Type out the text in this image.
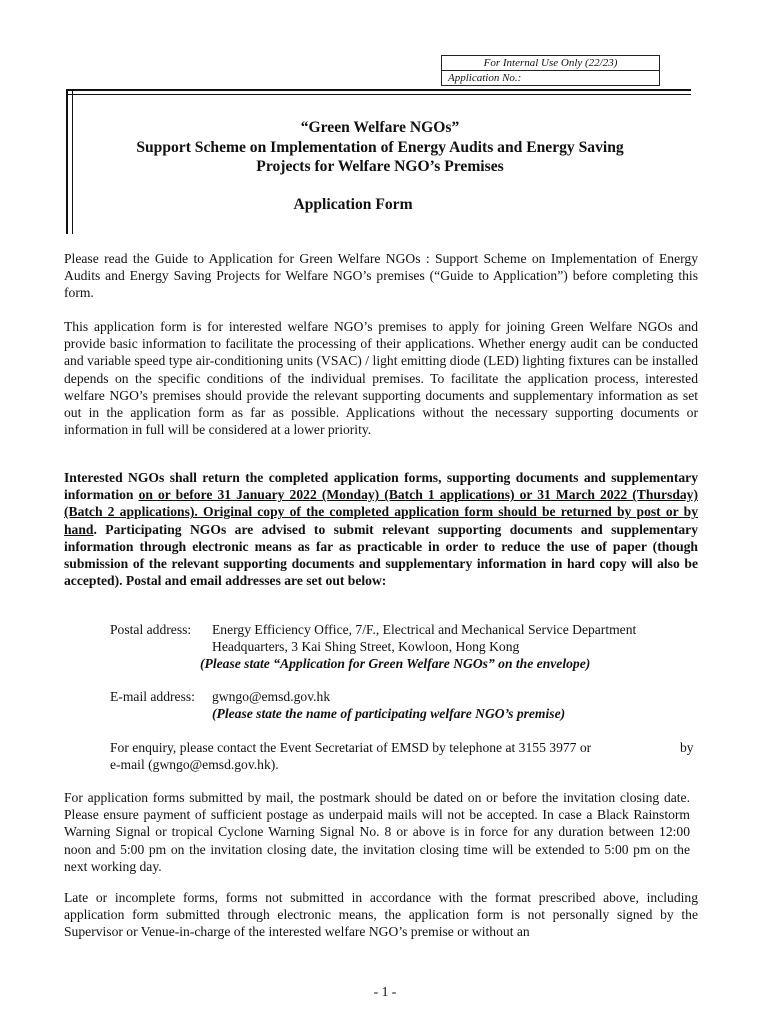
For Internal Use Only (22/23)
Application No.:
“Green Welfare NGOs”
Support Scheme on Implementation of Energy Audits and Energy Saving
Projects for Welfare NGO’s Premises
Application Form

Please read the Guide to Application for Green Welfare NGOs : Support Scheme on Implementation of Energy Audits and Energy Saving Projects for Welfare NGO’s premises (“Guide to Application”) before completing this form.

This application form is for interested welfare NGO’s premises to apply for joining Green Welfare NGOs and provide basic information to facilitate the processing of their applications. Whether energy audit can be conducted and variable speed type air-conditioning units (VSAC) / light emitting diode (LED) lighting fixtures can be installed depends on the specific conditions of the individual premises. To facilitate the application process, interested welfare NGO’s premises should provide the relevant supporting documents and supplementary information as set out in the application form as far as possible. Applications without the necessary supporting documents or information in full will be considered at a lower priority.

Interested NGOs shall return the completed application forms, supporting documents and supplementary information on or before 31 January 2022 (Monday) (Batch 1 applications) or 31 March 2022 (Thursday) (Batch 2 applications). Original copy of the completed application form should be returned by post or by hand. Participating NGOs are advised to submit relevant supporting documents and supplementary information through electronic means as far as practicable in order to reduce the use of paper (though submission of the relevant supporting documents and supplementary information in hard copy will also be accepted). Postal and email addresses are set out below:

Postal address: Energy Efficiency Office, 7/F., Electrical and Mechanical Service Department
Headquarters, 3 Kai Shing Street, Kowloon, Hong Kong
(Please state “Application for Green Welfare NGOs” on the envelope)
E-mail address: gwngo@emsd.gov.hk
(Please state the name of participating welfare NGO’s premise)
For enquiry, please contact the Event Secretariat of EMSD by telephone at 3155 3977 or	by
e-mail (gwngo@emsd.gov.hk).

For application forms submitted by mail, the postmark should be dated on or before the invitation closing date. Please ensure payment of sufficient postage as underpaid mails will not be accepted. In case a Black Rainstorm Warning Signal or tropical Cyclone Warning Signal No. 8 or above is in force for any duration between 12:00 noon and 5:00 pm on the invitation closing date, the invitation closing time will be extended to 5:00 pm on the next working day.

Late or incomplete forms, forms not submitted in accordance with the format prescribed above, including application form submitted through electronic means, the application form is not personally signed by the Supervisor or Venue-in-charge of the interested welfare NGO’s premise or without an

- 1 -
